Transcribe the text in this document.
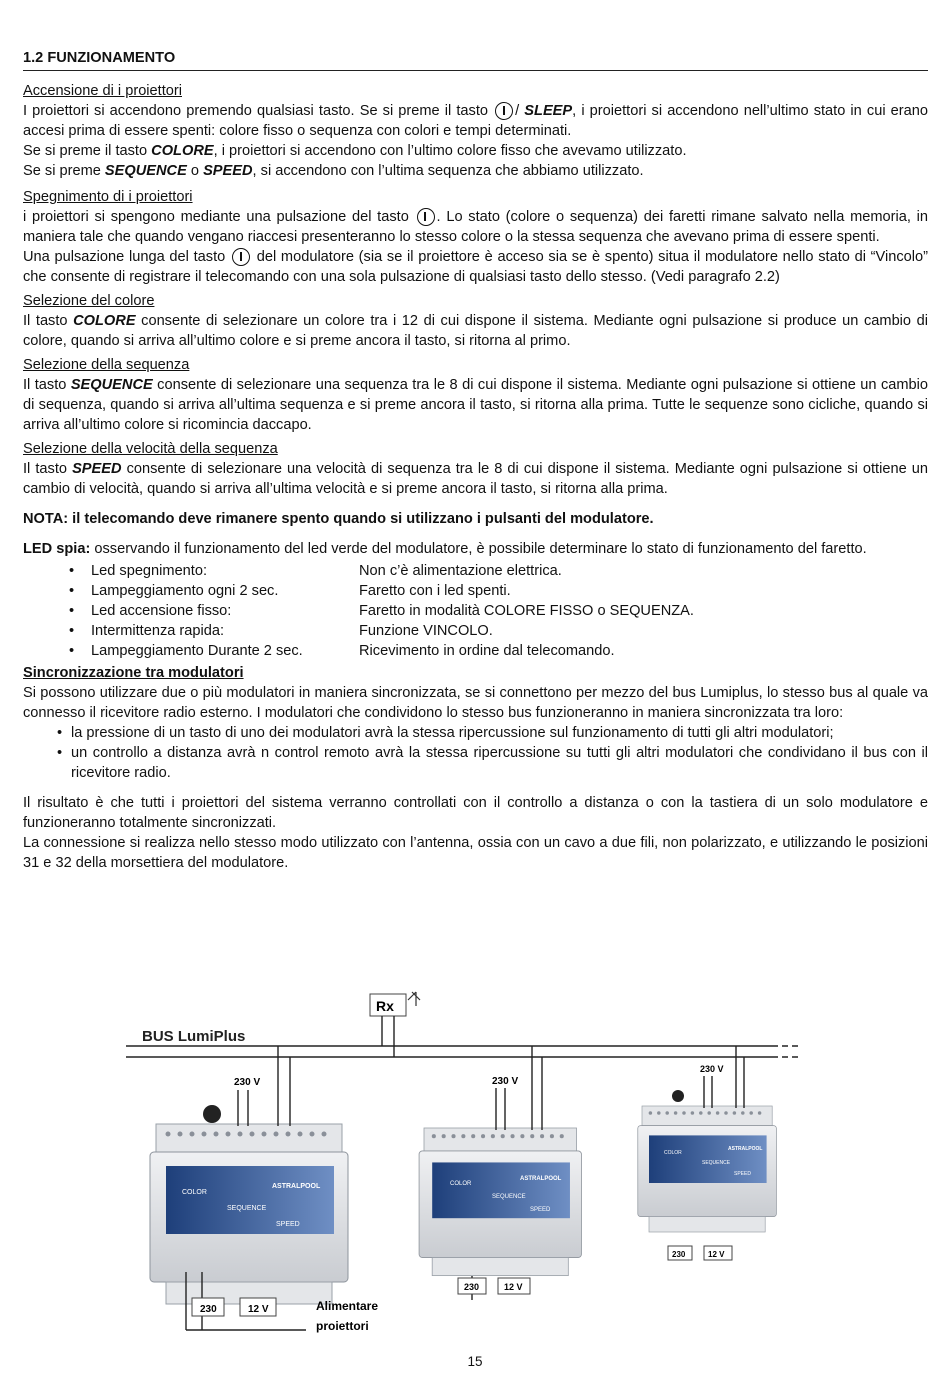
1.2 FUNZIONAMENTO
Accensione di i proiettori

I proiettori si accendono premendo qualsiasi tasto. Se si preme il tasto / SLEEP, i proiettori si accendono nell’ultimo stato in cui erano accesi prima di essere spenti: colore fisso o sequenza con colori e tempi determinati.

Se si preme il tasto COLORE, i proiettori si accendono con l’ultimo colore fisso che avevamo utilizzato.

Se si preme SEQUENCE o SPEED, si accendono con l’ultima sequenza che abbiamo utilizzato.

Spegnimento di i proiettori

i proiettori si spengono mediante una pulsazione del tasto . Lo stato (colore o sequenza) dei faretti rimane salvato nella memoria, in maniera tale che quando vengano riaccesi presenteranno lo stesso colore o la stessa sequenza che avevano prima di essere spenti.

Una pulsazione lunga del tasto del modulatore (sia se il proiettore è acceso sia se è spento) situa il modulatore nello stato di “Vincolo” che consente di registrare il telecomando con una sola pulsazione di qualsiasi tasto dello stesso. (Vedi paragrafo 2.2)

Selezione del colore

Il tasto COLORE consente di selezionare un colore tra i 12 di cui dispone il sistema. Mediante ogni pulsazione si produce un cambio di colore, quando si arriva all’ultimo colore e si preme ancora il tasto, si ritorna al primo.

Selezione della sequenza

Il tasto SEQUENCE consente di selezionare una sequenza tra le 8 di cui dispone il sistema. Mediante ogni pulsazione si ottiene un cambio di sequenza, quando si arriva all’ultima sequenza e si preme ancora il tasto, si ritorna alla prima. Tutte le sequenze sono cicliche, quando si arriva all’ultimo colore si ricomincia daccapo.

Selezione della velocità della sequenza

Il tasto SPEED consente di selezionare una velocità di sequenza tra le 8 di cui dispone il sistema. Mediante ogni pulsazione si ottiene un cambio di velocità, quando si arriva all’ultima velocità e si preme ancora il tasto, si ritorna alla prima.

NOTA: il telecomando deve rimanere spento quando si utilizzano i pulsanti del modulatore.

LED spia: osservando il funzionamento del led verde del modulatore, è possibile determinare lo stato di funzionamento del faretto.

•	Led spegnimento:	Non c’è alimentazione elettrica.
•	Lampeggiamento ogni 2 sec.	Faretto con i led spenti.
•	Led accensione fisso:	Faretto in modalità COLORE FISSO o SEQUENZA.
•	Intermittenza rapida:	Funzione VINCOLO.
•	Lampeggiamento Durante 2 sec.	Ricevimento in ordine dal telecomando.
Sincronizzazione tra modulatori

Si possono utilizzare due o più modulatori in maniera sincronizzata, se si connettono per mezzo del bus Lumiplus, lo stesso bus al quale va connesso il ricevitore radio esterno. I modulatori che condividono lo stesso bus funzioneranno in maniera sincronizzata tra loro:

• la pressione di un tasto di uno dei modulatori avrà la stessa ripercussione sul funzionamento di tutti gli altri modulatori;
• un controllo a distanza avrà n control remoto avrà la stessa ripercussione su tutti gli altri modulatori che condividano il bus con il ricevitore radio.

Il risultato è che tutti i proiettori del sistema verranno controllati con il controllo a distanza o con la tastiera di un solo modulatore e funzioneranno totalmente sincronizzati.

La connessione si realizza nello stesso modo utilizzato con l’antenna, ossia con un cavo a due fili, non polarizzato, e utilizzando le posizioni 31 e 32 della morsettiera del modulatore.

BUS LumiPlus
Rx
230 V
COLOR
SEQUENCE
SPEED
ASTRALPOOL
230	12 V	Alimentare
proiettori
230 V
COLOR
SEQUENCE
SPEED
ASTRALPOOL
230	12 V
230 V
COLOR
SEQUENCE
SPEED
ASTRALPOOL
230	12 V
15
